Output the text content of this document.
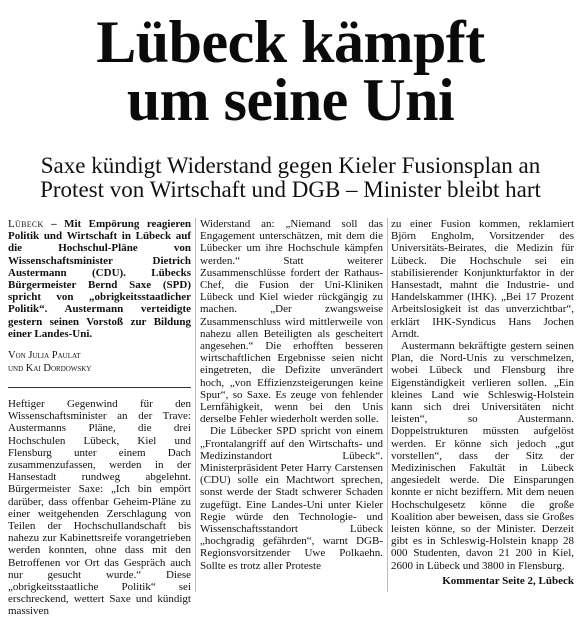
Lübeck kämpft
um seine Uni
Saxe kündigt Widerstand gegen Kieler Fusionsplan an
Protest von Wirtschaft und DGB – Minister bleibt hart

Lübeck – Mit Empörung reagieren Politik und Wirtschaft in Lübeck auf die Hochschul-Pläne von Wissenschaftsminister Dietrich Austermann (CDU). Lübecks Bürgermeister Bernd Saxe (SPD) spricht von „obrigkeitsstaatlicher Politik“. Austermann verteidigte gestern seinen Vorstoß zur Bildung einer Landes-Uni.

Von Julia Paulat
und Kai Dordowsky

Heftiger Gegenwind für den Wissenschaftsminister an der Trave: Austermanns Pläne, die drei Hochschulen Lübeck, Kiel und Flensburg unter einem Dach zusammenzufassen, werden in der Hansestadt rundweg abgelehnt. Bürgermeister Saxe: „Ich bin empört darüber, dass offenbar Geheim-Pläne zu einer weitgehenden Zerschlagung von Teilen der Hochschullandschaft bis nahezu zur Kabinettsreife vorangetrieben werden konnten, ohne dass mit den Betroffenen vor Ort das Gespräch auch nur gesucht wurde.“ Diese „obrigkeitsstaatliche Politik“ sei erschreckend, wettert Saxe und kündigt massiven

Widerstand an: „Niemand soll das Engagement unterschätzen, mit dem die Lübecker um ihre Hochschule kämpfen werden.“ Statt weiterer Zusammenschlüsse fordert der Rathaus-Chef, die Fusion der Uni-Kliniken Lübeck und Kiel wieder rückgängig zu machen. „Der zwangsweise Zusammenschluss wird mittlerweile von nahezu allen Beteiligten als gescheitert angesehen.“ Die erhofften besseren wirtschaftlichen Ergebnisse seien nicht eingetreten, die Defizite unverändert hoch, „von Effizienzsteigerungen keine Spur“, so Saxe. Es zeuge von fehlender Lernfähigkeit, wenn bei den Unis derselbe Fehler wiederholt werden solle.

Die Lübecker SPD spricht von einem „Frontalangriff auf den Wirtschafts- und Medizinstandort Lübeck“. Ministerpräsident Peter Harry Carstensen (CDU) solle ein Machtwort sprechen, sonst werde der Stadt schwerer Schaden zugefügt. Eine Landes-Uni unter Kieler Regie würde den Technologie- und Wissenschaftsstandort Lübeck „hochgradig gefährden“, warnt DGB-Regionsvorsitzender Uwe Polkaehn. Sollte es trotz aller Proteste

zu einer Fusion kommen, reklamiert Björn Engholm, Vorsitzender des Universitäts-Beirates, die Medizin für Lübeck. Die Hochschule sei ein stabilisierender Konjunkturfaktor in der Hansestadt, mahnt die Industrie- und Handelskammer (IHK). „Bei 17 Prozent Arbeitslosigkeit ist das unverzichtbar“, erklärt IHK-Syndicus Hans Jochen Arndt.

Austermann bekräftigte gestern seinen Plan, die Nord-Unis zu verschmelzen, wobei Lübeck und Flensburg ihre Eigenständigkeit verlieren sollen. „Ein kleines Land wie Schleswig-Holstein kann sich drei Universitäten nicht leisten“, so Austermann. Doppelstrukturen müssten aufgelöst werden. Er könne sich jedoch „gut vorstellen“, dass der Sitz der Medizinischen Fakultät in Lübeck angesiedelt werde. Die Einsparungen konnte er nicht beziffern. Mit dem neuen Hochschulgesetz könne die große Koalition aber beweisen, dass sie Großes leisten könne, so der Minister. Derzeit gibt es in Schleswig-Holstein knapp 28 000 Studenten, davon 21 200 in Kiel, 2600 in Lübeck und 3800 in Flensburg.

Kommentar Seite 2, Lübeck
